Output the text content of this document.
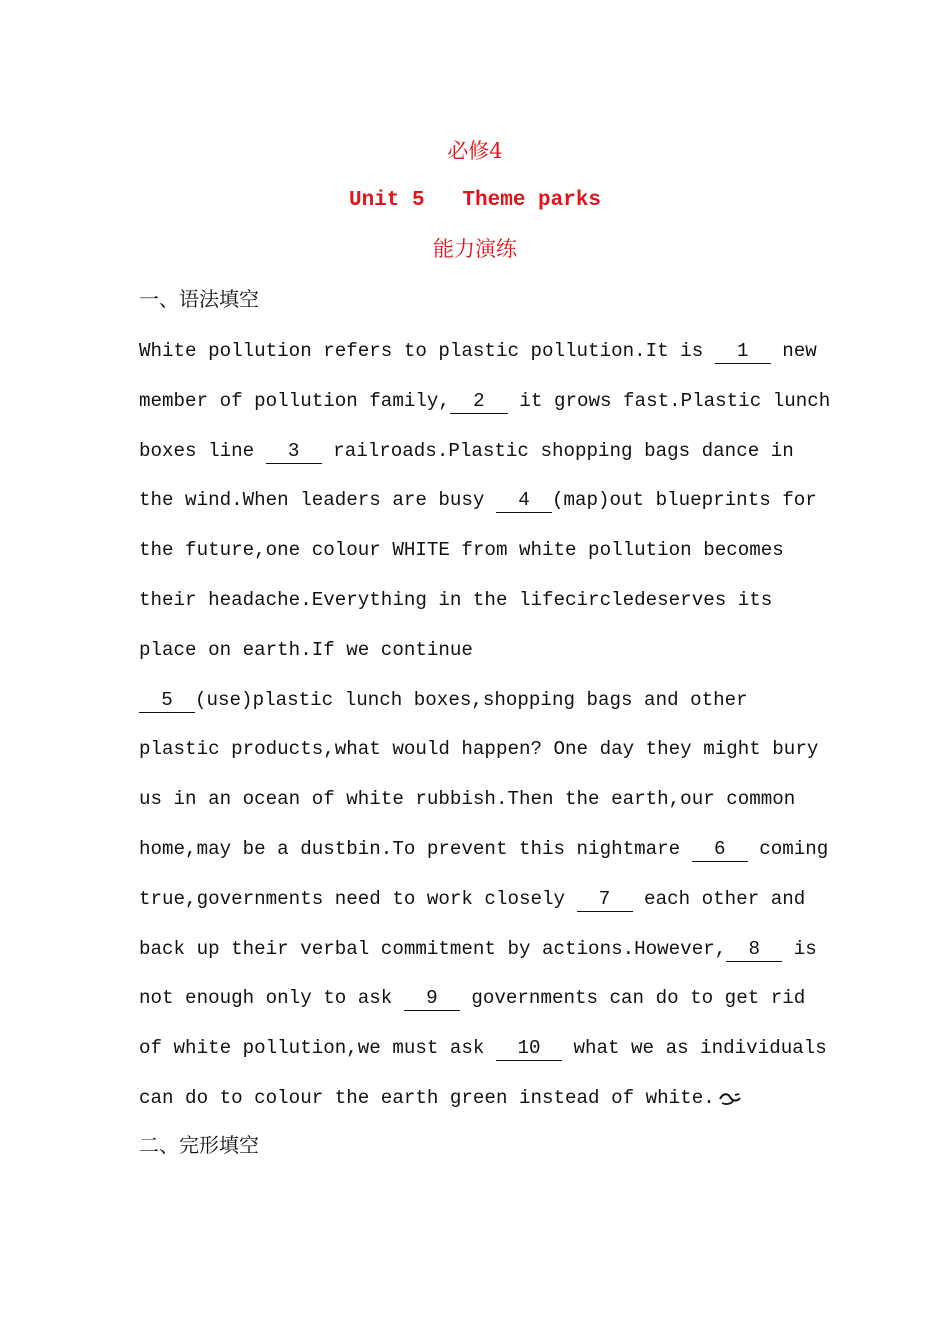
必修4
Unit 5 Theme parks
能力演练
一、语法填空
White pollution refers to plastic pollution.It is 1 new
member of pollution family, 2 it grows fast.Plastic lunch
boxes line 3 railroads.Plastic shopping bags dance in
the wind.When leaders are busy 4 (map)out blueprints for
the future,one colour WHITE from white pollution becomes
their headache.Everything in the lifecircledeserves its
place on earth.If we continue
5 (use)plastic lunch boxes,shopping bags and other
plastic products,what would happen? One day they might bury
us in an ocean of white rubbish.Then the earth,our common
home,may be a dustbin.To prevent this nightmare 6 coming
true,governments need to work closely 7 each other and
back up their verbal commitment by actions.However, 8 is
not enough only to ask 9 governments can do to get rid
of white pollution,we must ask 10 what we as individuals
can do to colour the earth green instead of white.
二、完形填空
